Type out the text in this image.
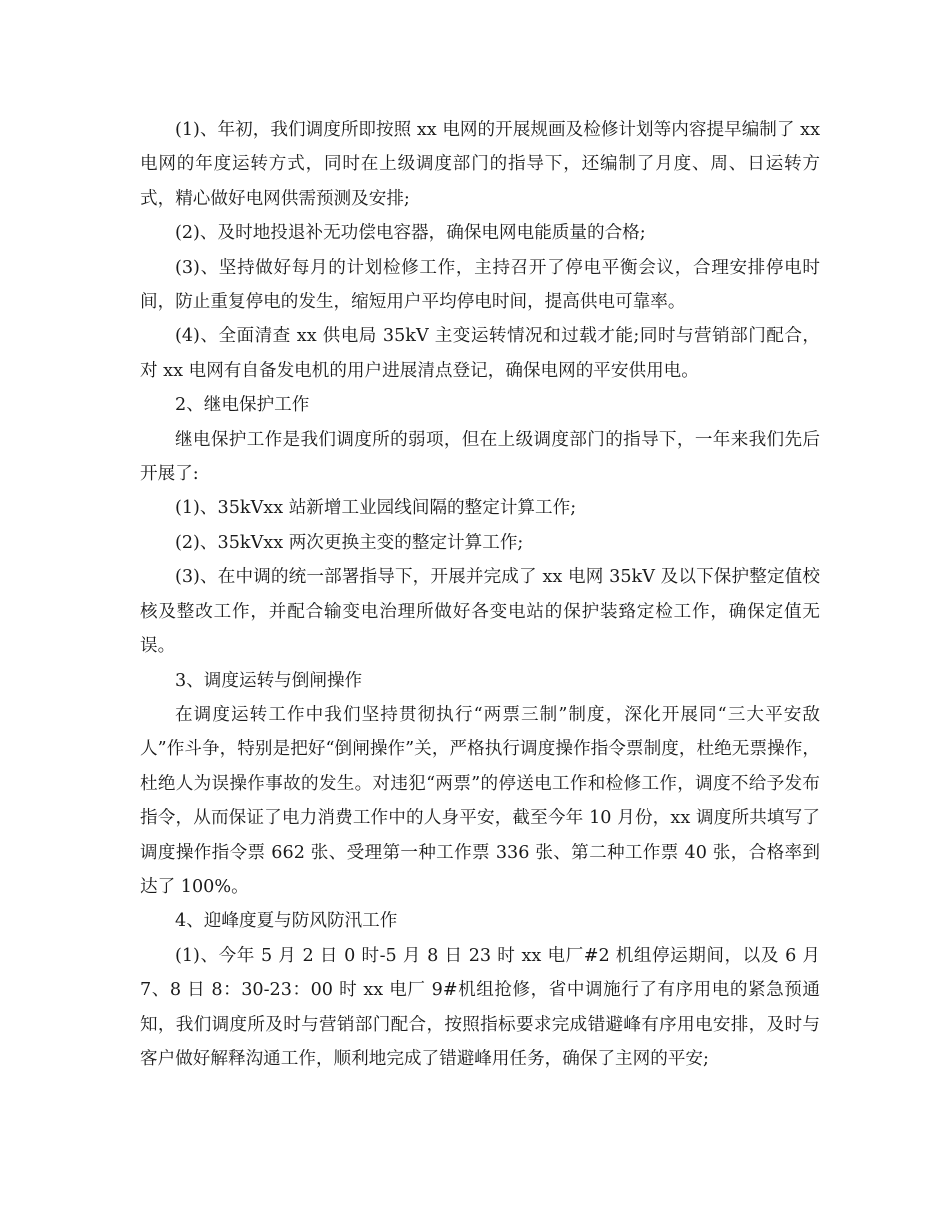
(1)、年初，我们调度所即按照 xx 电网的开展规画及检修计划等内容提早编制了 xx 电网的年度运转方式，同时在上级调度部门的指导下，还编制了月度、周、日运转方式，精心做好电网供需预测及安排;

(2)、及时地投退补无功偿电容器，确保电网电能质量的合格;

(3)、坚持做好每月的计划检修工作，主持召开了停电平衡会议，合理安排停电时间，防止重复停电的发生，缩短用户平均停电时间，提高供电可靠率。

(4)、全面清查 xx 供电局 35kV 主变运转情况和过载才能;同时与营销部门配合，对 xx 电网有自备发电机的用户进展清点登记，确保电网的平安供用电。

2、继电保护工作

继电保护工作是我们调度所的弱项，但在上级调度部门的指导下，一年来我们先后开展了:

(1)、35kVxx 站新增工业园线间隔的整定计算工作;

(2)、35kVxx 两次更换主变的整定计算工作;

(3)、在中调的统一部署指导下，开展并完成了 xx 电网 35kV 及以下保护整定值校核及整改工作，并配合输变电治理所做好各变电站的保护装臵定检工作，确保定值无误。

3、调度运转与倒闸操作

在调度运转工作中我们坚持贯彻执行“两票三制”制度，深化开展同“三大平安敌人”作斗争，特别是把好“倒闸操作”关，严格执行调度操作指令票制度，杜绝无票操作，杜绝人为误操作事故的发生。对违犯“两票”的停送电工作和检修工作，调度不给予发布指令，从而保证了电力消费工作中的人身平安，截至今年 10 月份，xx 调度所共填写了调度操作指令票 662 张、受理第一种工作票 336 张、第二种工作票 40 张，合格率到达了 100%。

4、迎峰度夏与防风防汛工作

(1)、今年 5 月 2 日 0 时-5 月 8 日 23 时 xx 电厂#2 机组停运期间，以及 6 月 7、8 日 8：30-23：00 时 xx 电厂 9#机组抢修，省中调施行了有序用电的紧急预通知，我们调度所及时与营销部门配合，按照指标要求完成错避峰有序用电安排，及时与客户做好解释沟通工作，顺利地完成了错避峰用任务，确保了主网的平安;
